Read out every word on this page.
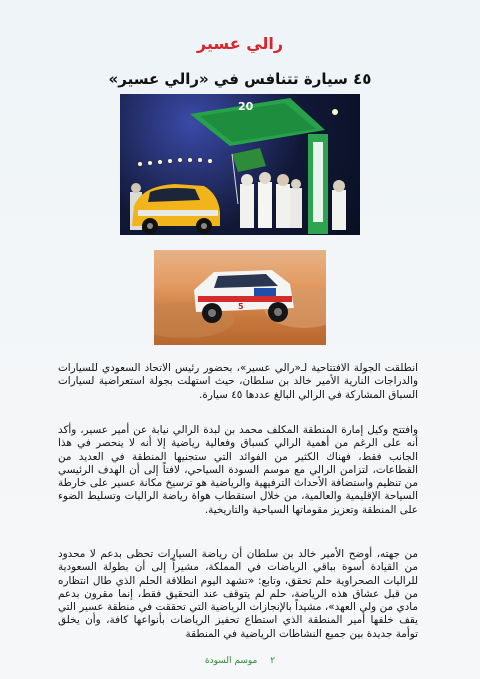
رالي عسير
٤٥ سيارة تتنافس في «رالي عسير»
20
5
انطلقت الجولة الافتتاحية لـ«رالي عسير»، بحضور رئيس الاتحاد السعودي للسيارات والدراجات النارية الأمير خالد بن سلطان، حيث استهلت بجولة استعراضية لسيارات السباق المشاركة في الرالي البالغ عددها ٤٥ سيارة.
وافتتح وكيل إمارة المنطقة المكلف محمد بن لبدة الرالي نيابة عن أمير عسير، وأكد أنه على الرغم من أهمية الرالي كسباق وفعالية رياضية إلا أنه لا ينحصر في هذا الجانب فقط، فهناك الكثير من الفوائد التي ستجنيها المنطقة في العديد من القطاعات، لتزامن الرالي مع موسم السودة السياحي، لافتاً إلى أن الهدف الرئيسي من تنظيم واستضافة الأحداث الترفيهية والرياضية هو ترسيخ مكانة عسير على خارطة السياحة الإقليمية والعالمية، من خلال استقطاب هواة رياضة الراليات وتسليط الضوء على المنطقة وتعزيز مقوماتها السياحية والتاريخية.
من جهته، أوضح الأمير خالد بن سلطان أن رياضة السيارات تحظى بدعم لا محدود من القيادة أسوة بباقي الرياضات في المملكة، مشيراً إلى أن بطولة السعودية للراليات الصحراوية حلم تحقق، وتابع: «تشهد اليوم انطلاقة الحلم الذي طال انتظاره من قبل عشاق هذه الرياضة، حلم لم يتوقف عند التحقيق فقط، إنما مقرون بدعم مادي من ولي العهد»، مشيداً بالإنجازات الرياضية التي تحققت في منطقة عسير التي يقف خلفها أمير المنطقة الذي استطاع تحفيز الرياضات بأنواعها كافة، وأن يخلق توأمة جديدة بين جميع النشاطات الرياضية في المنطقة
٢ موسم السودة
